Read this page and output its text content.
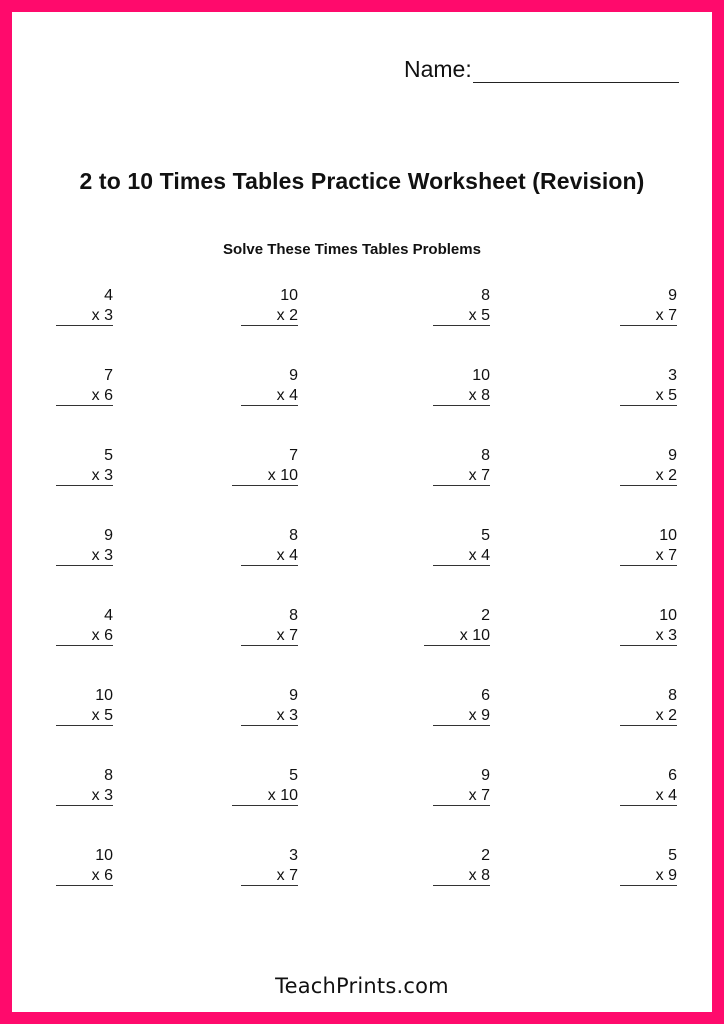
Name:
2 to 10 Times Tables Practice Worksheet (Revision)
Solve These Times Tables Problems
4
x 3
10
x 2
8
x 5
9
x 7
7
x 6
9
x 4
10
x 8
3
x 5
5
x 3
7
x 10
8
x 7
9
x 2
9
x 3
8
x 4
5
x 4
10
x 7
4
x 6
8
x 7
2
x 10
10
x 3
10
x 5
9
x 3
6
x 9
8
x 2
8
x 3
5
x 10
9
x 7
6
x 4
10
x 6
3
x 7
2
x 8
5
x 9
TeachPrints.com
